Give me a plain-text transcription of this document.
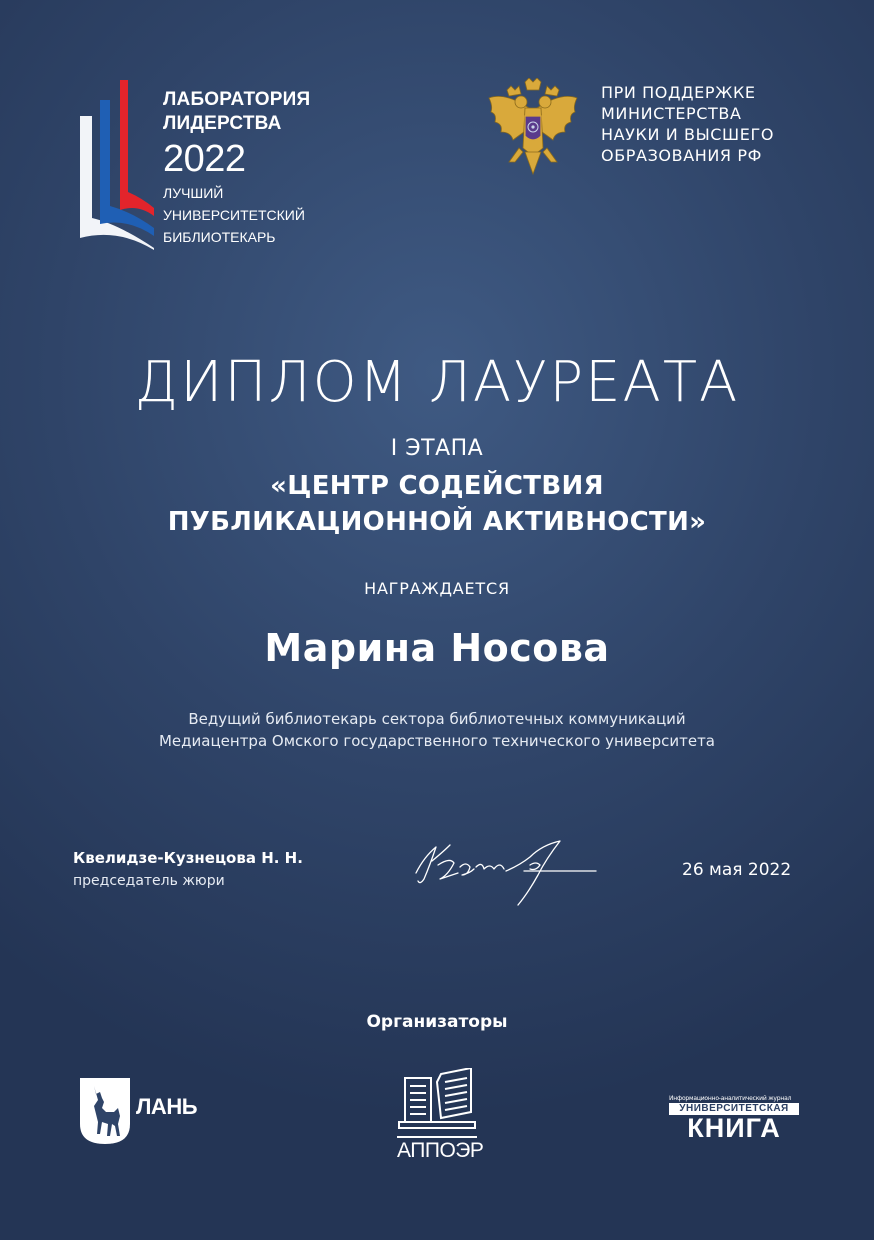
ЛАБОРАТОРИЯ
ЛИДЕРСТВА
2022
ЛУЧШИЙ
УНИВЕРСИТЕТСКИЙ
БИБЛИОТЕКАРЬ
ПРИ ПОДДЕРЖКЕ
МИНИСТЕРСТВА
НАУКИ И ВЫСШЕГО
ОБРАЗОВАНИЯ РФ
ДИПЛОМ ЛАУРЕАТА
I ЭТАПА
«ЦЕНТР СОДЕЙСТВИЯ
ПУБЛИКАЦИОННОЙ АКТИВНОСТИ»
НАГРАЖДАЕТСЯ
Марина Носова
Ведущий библиотекарь сектора библиотечных коммуникаций
Медиацентра Омского государственного технического университета
Квелидзе-Кузнецова Н. Н.
председатель жюри
26 мая 2022
Организаторы
ЛАНЬ
АППОЭР
Информационно-аналитический журнал
УНИВЕРСИТЕТСКАЯ
КНИГА
